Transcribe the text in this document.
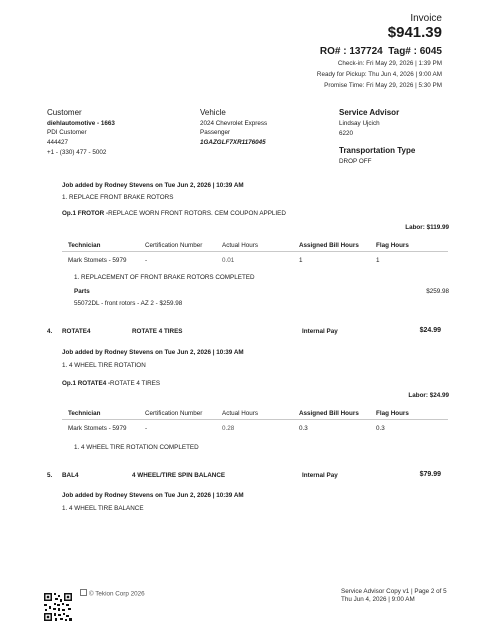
Invoice
$941.39
RO# : 137724 Tag# : 6045
Check-in: Fri May 29, 2026 | 1:39 PM
Ready for Pickup: Thu Jun 4, 2026 | 9:00 AM
Promise Time: Fri May 29, 2026 | 5:30 PM
Customer
diehlautomotive - 1663
PDI Customer
444427
+1 - (330) 477 - 5002
Vehicle
2024 Chevrolet Express
Passenger
1GAZGLF7XR1176045
Service Advisor
Lindsay Ujcich
6220
Transportation Type
DROP OFF
Job added by Rodney Stevens on Tue Jun 2, 2026 | 10:39 AM
1. REPLACE FRONT BRAKE ROTORS
Op.1 FROTOR -REPLACE WORN FRONT ROTORS. CEM COUPON APPLIED
Labor: $119.99
Technician	Certification Number	Actual Hours	Assigned Bill Hours	Flag Hours
Mark Stomets - 5979	-	0.01	1	1
1. REPLACEMENT OF FRONT BRAKE ROTORS COMPLETED
Parts
55072DL - front rotors - AZ 2 - $259.98
$259.98
4. ROTATE4	ROTATE 4 TIRES	Internal Pay	$24.99
Job added by Rodney Stevens on Tue Jun 2, 2026 | 10:39 AM
1. 4 WHEEL TIRE ROTATION
Op.1 ROTATE4 -ROTATE 4 TIRES
Labor: $24.99
Technician	Certification Number	Actual Hours	Assigned Bill Hours	Flag Hours
Mark Stomets - 5979	-	0.28	0.3	0.3
1. 4 WHEEL TIRE ROTATION COMPLETED
5. BAL4	4 WHEEL/TIRE SPIN BALANCE	Internal Pay	$79.99
Job added by Rodney Stevens on Tue Jun 2, 2026 | 10:39 AM
1. 4 WHEEL TIRE BALANCE
© Tekion Corp 2026	Service Advisor Copy v1 | Page 2 of 5
Thu Jun 4, 2026 | 9:00 AM
